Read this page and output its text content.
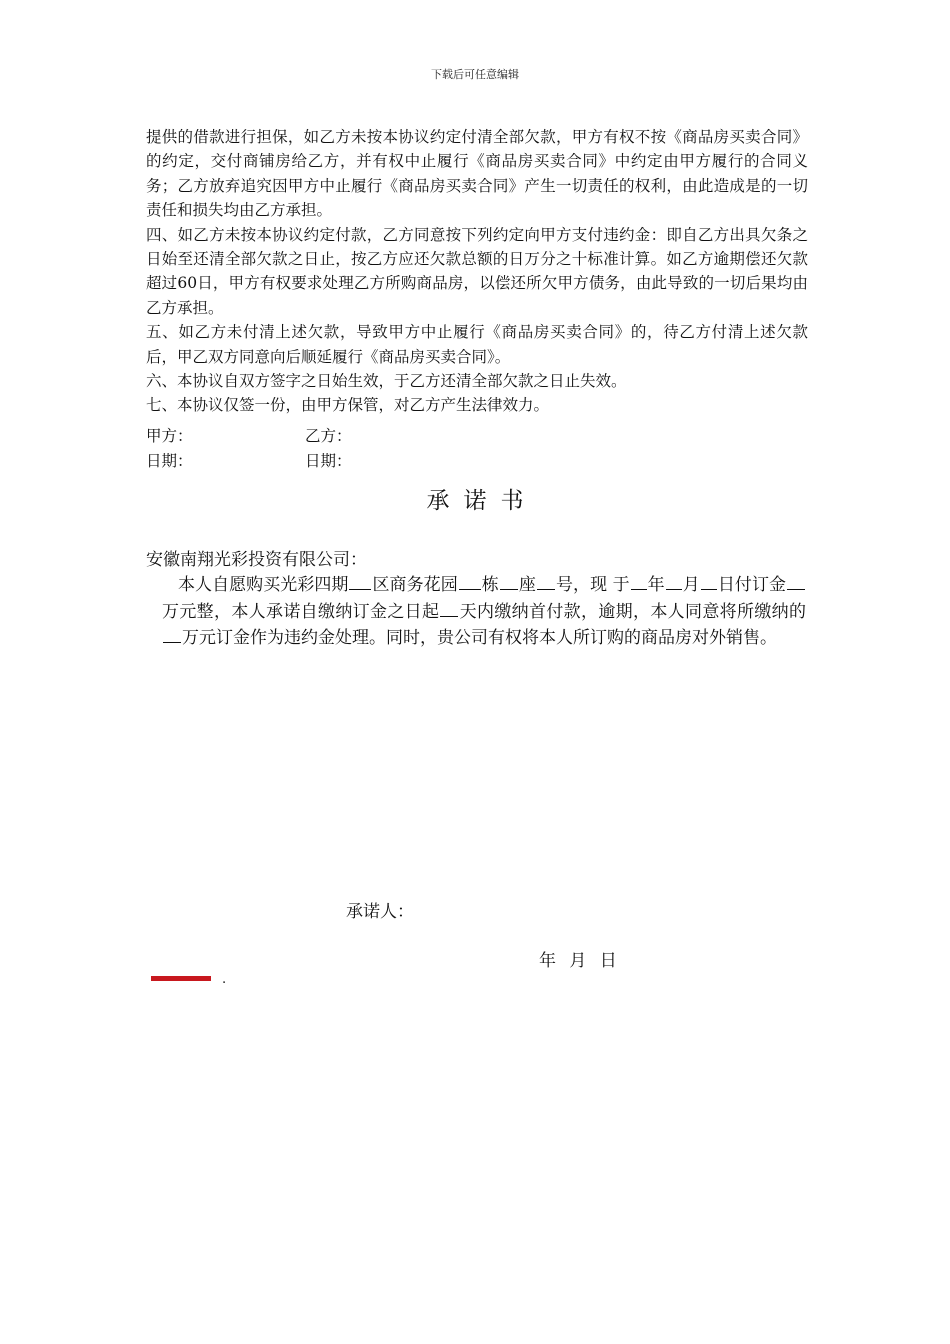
下载后可任意编辑

提供的借款进行担保，如乙方未按本协议约定付清全部欠款，甲方有权不按《商品房买卖合同》的约定，交付商铺房给乙方，并有权中止履行《商品房买卖合同》中约定由甲方履行的合同义务；乙方放弃追究因甲方中止履行《商品房买卖合同》产生一切责任的权利，由此造成是的一切责任和损失均由乙方承担。

四、如乙方未按本协议约定付款，乙方同意按下列约定向甲方支付违约金：即自乙方出具欠条之日始至还清全部欠款之日止，按乙方应还欠款总额的日万分之十标准计算。如乙方逾期偿还欠款超过60日，甲方有权要求处理乙方所购商品房，以偿还所欠甲方债务，由此导致的一切后果均由乙方承担。

五、如乙方未付清上述欠款，导致甲方中止履行《商品房买卖合同》的，待乙方付清上述欠款后，甲乙双方同意向后顺延履行《商品房买卖合同》。

六、本协议自双方签字之日始生效，于乙方还清全部欠款之日止失效。

七、本协议仅签一份，由甲方保管，对乙方产生法律效力。

甲方：	乙方：
日期：	日期：
承诺书
安徽南翔光彩投资有限公司：

本人自愿购买光彩四期 区商务花园 栋 座 号，现 于 年 月 日付订金万元整，本人承诺自缴纳订金之日起 天内缴纳首付款，逾期，本人同意将所缴纳的万元订金作为违约金处理。同时，贵公司有权将本人所订购的商品房对外销售。

承诺人：
年 月 日
.
